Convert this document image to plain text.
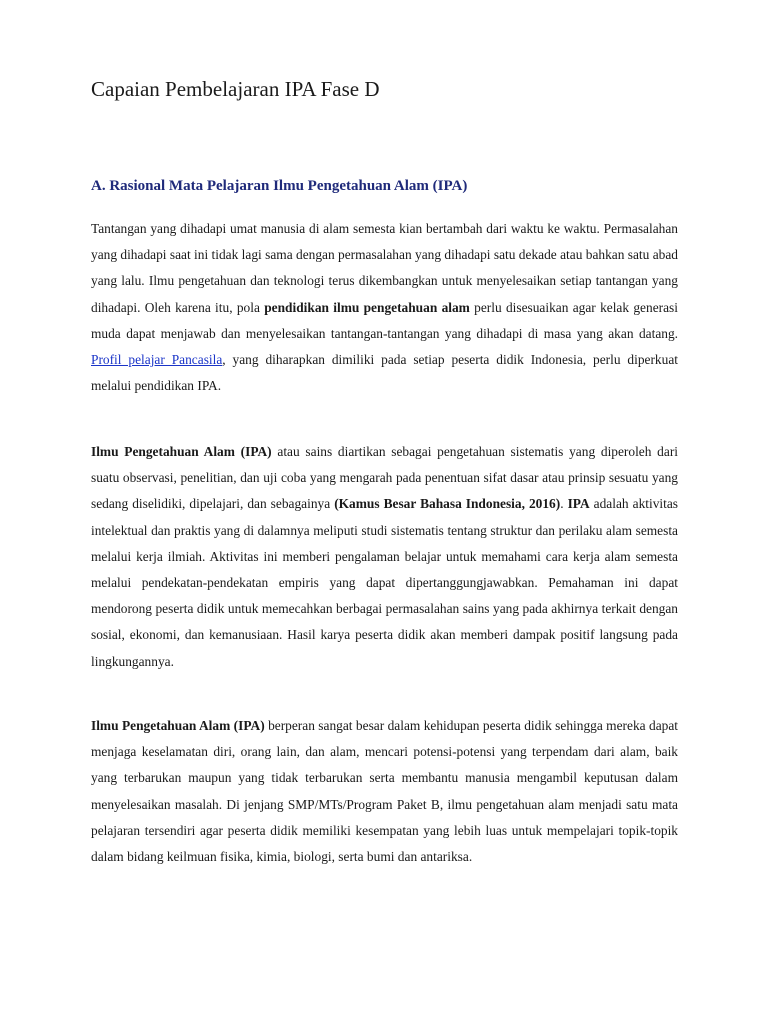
Capaian Pembelajaran IPA Fase D
A. Rasional Mata Pelajaran Ilmu Pengetahuan Alam (IPA)

Tantangan yang dihadapi umat manusia di alam semesta kian bertambah dari waktu ke waktu. Permasalahan yang dihadapi saat ini tidak lagi sama dengan permasalahan yang dihadapi satu dekade atau bahkan satu abad yang lalu. Ilmu pengetahuan dan teknologi terus dikembangkan untuk menyelesaikan setiap tantangan yang dihadapi. Oleh karena itu, pola pendidikan ilmu pengetahuan alam perlu disesuaikan agar kelak generasi muda dapat menjawab dan menyelesaikan tantangan-tantangan yang dihadapi di masa yang akan datang. Profil pelajar Pancasila, yang diharapkan dimiliki pada setiap peserta didik Indonesia, perlu diperkuat melalui pendidikan IPA.

Ilmu Pengetahuan Alam (IPA) atau sains diartikan sebagai pengetahuan sistematis yang diperoleh dari suatu observasi, penelitian, dan uji coba yang mengarah pada penentuan sifat dasar atau prinsip sesuatu yang sedang diselidiki, dipelajari, dan sebagainya (Kamus Besar Bahasa Indonesia, 2016). IPA adalah aktivitas intelektual dan praktis yang di dalamnya meliputi studi sistematis tentang struktur dan perilaku alam semesta melalui kerja ilmiah. Aktivitas ini memberi pengalaman belajar untuk memahami cara kerja alam semesta melalui pendekatan-pendekatan empiris yang dapat dipertanggungjawabkan. Pemahaman ini dapat mendorong peserta didik untuk memecahkan berbagai permasalahan sains yang pada akhirnya terkait dengan sosial, ekonomi, dan kemanusiaan. Hasil karya peserta didik akan memberi dampak positif langsung pada lingkungannya.

Ilmu Pengetahuan Alam (IPA) berperan sangat besar dalam kehidupan peserta didik sehingga mereka dapat menjaga keselamatan diri, orang lain, dan alam, mencari potensi-potensi yang terpendam dari alam, baik yang terbarukan maupun yang tidak terbarukan serta membantu manusia mengambil keputusan dalam menyelesaikan masalah. Di jenjang SMP/MTs/Program Paket B, ilmu pengetahuan alam menjadi satu mata pelajaran tersendiri agar peserta didik memiliki kesempatan yang lebih luas untuk mempelajari topik-topik dalam bidang keilmuan fisika, kimia, biologi, serta bumi dan antariksa.
